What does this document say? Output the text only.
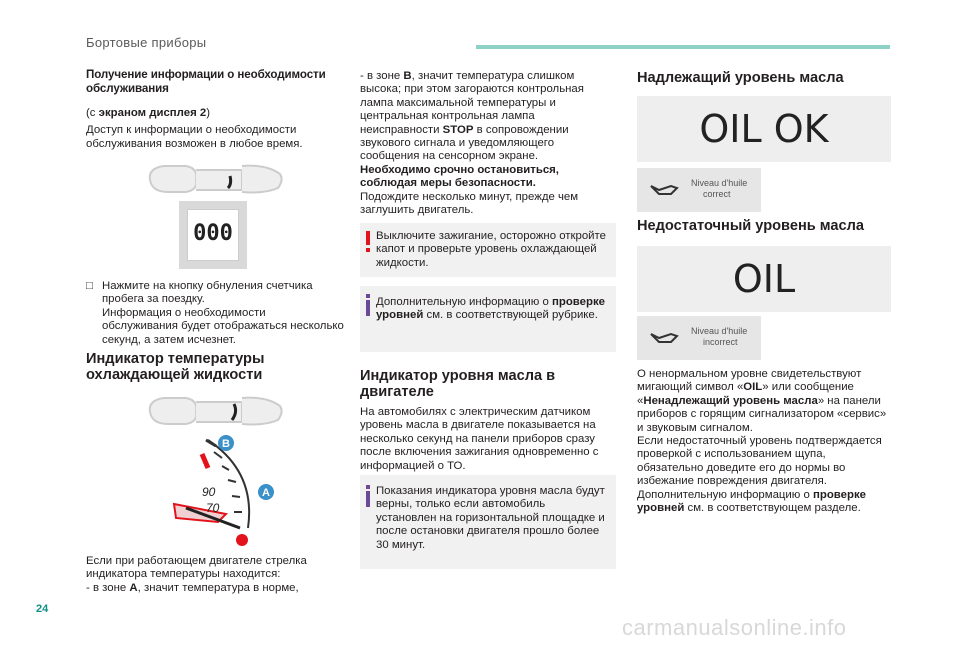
Бортовые приборы
Получение информации о необходимости обслуживания

(с экраном дисплея 2)

Доступ к информации о необходимости обслуживания возможен в любое время.

000
□ Нажмите на кнопку обнуления счетчика пробега за поездку.

Информация о необходимости обслуживания будет отображаться несколько секунд, а затем исчезнет.

Индикатор температуры
охлаждающей жидкости
B
A
90
70

Если при работающем двигателе стрелка индикатора температуры находится:

- в зоне A, значит температура в норме,

- в зоне B, значит температура слишком высока; при этом загораются контрольная лампа максимальной температуры и центральная контрольная лампа неисправности STOP в сопровождении звукового сигнала и уведомляющего сообщения на сенсорном экране.

Необходимо срочно остановиться, соблюдая меры безопасности.

Подождите несколько минут, прежде чем заглушить двигатель.

Выключите зажигание, осторожно откройте капот и проверьте уровень охлаждающей жидкости.
Дополнительную информацию о проверке уровней см. в соответствующей рубрике.
Индикатор уровня масла в
двигателе

На автомобилях с электрическим датчиком уровень масла в двигателе показывается на несколько секунд на панели приборов сразу после включения зажигания одновременно с информацией о ТО.

Показания индикатора уровня масла будут верны, только если автомобиль установлен на горизонтальной площадке и после остановки двигателя прошло более 30 минут.
Надлежащий уровень масла
OIL OK
Niveau d'huile
correct
Недостаточный уровень масла
OIL
Niveau d'huile
incorrect

О ненормальном уровне свидетельствуют мигающий символ «OIL» или сообщение «Ненадлежащий уровень масла» на панели приборов с горящим сигнализатором «сервис» и звуковым сигналом.

Если недостаточный уровень подтверждается проверкой с использованием щупа, обязательно доведите его до нормы во избежание повреждения двигателя.

Дополнительную информацию о проверке уровней см. в соответствующем разделе.

24
carmanualsonline.info
